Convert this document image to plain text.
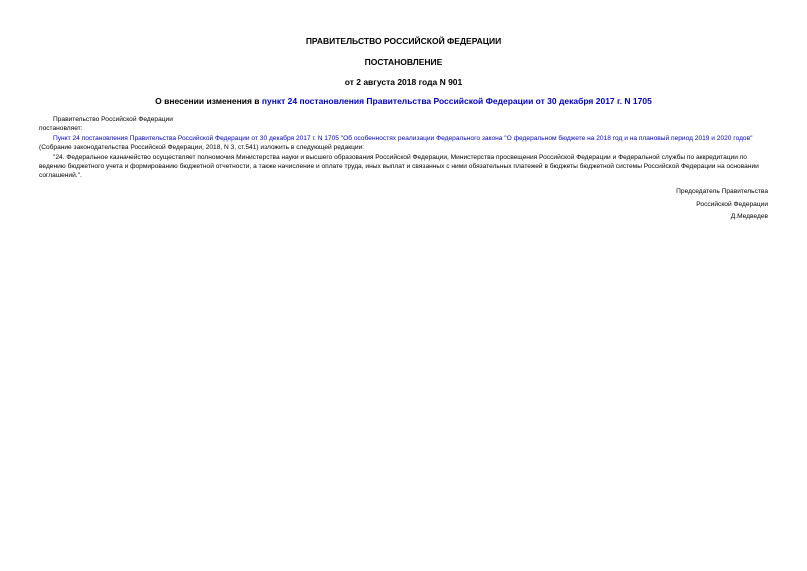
ПРАВИТЕЛЬСТВО РОССИЙСКОЙ ФЕДЕРАЦИИ
ПОСТАНОВЛЕНИЕ
от 2 августа 2018 года N 901
О внесении изменения в пункт 24 постановления Правительства Российской Федерации от 30 декабря 2017 г. N 1705

Правительство Российской Федерации

постановляет:

Пункт 24 постановления Правительства Российской Федерации от 30 декабря 2017 г. N 1705 "Об особенностях реализации Федерального закона "О федеральном бюджете на 2018 год и на плановый период 2019 и 2020 годов" (Собрание законодательства Российской Федерации, 2018, N 3, ст.541) изложить в следующей редакции:

"24. Федеральное казначейство осуществляет полномочия Министерства науки и высшего образования Российской Федерации, Министерства просвещения Российской Федерации и Федеральной службы по аккредитации по ведению бюджетного учета и формированию бюджетной отчетности, а также начисление и оплате труда, иных выплат и связанных с ними обязательных платежей в бюджеты бюджетной системы Российской Федерации на основании соглашений.".

Председатель Правительства
Российской Федерации
Д.Медведев
